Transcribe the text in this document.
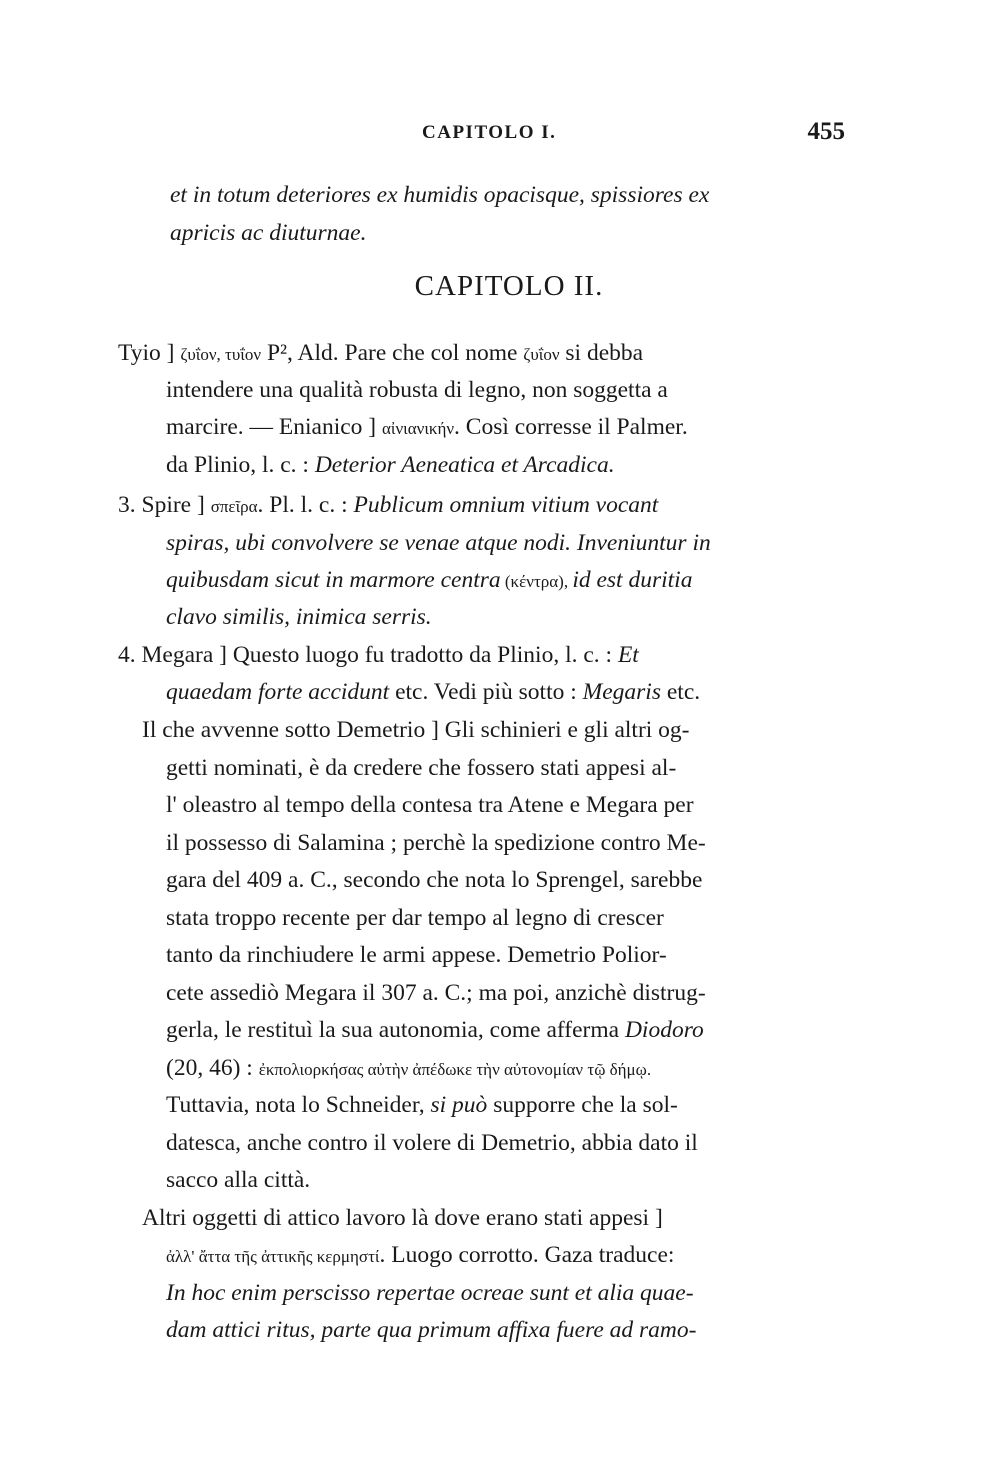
CAPITOLO I.	455
et in totum deteriores ex humidis opacisque, spissiores ex
apricis ac diuturnae.
CAPITOLO II.
Tyio ] ζυΐον, τυΐον P², Ald. Pare che col nome ζυΐον si debba
intendere una qualità robusta di legno, non soggetta a
marcire. — Enianico ] αἰνιανικήν. Così corresse il Palmer.
da Plinio, l. c. : Deterior Aeneatica et Arcadica.
3. Spire ] σπεῖρα. Pl. l. c. : Publicum omnium vitium vocant
spiras, ubi convolvere se venae atque nodi. Inveniuntur in
quibusdam sicut in marmore centra (κέντρα), id est duritia
clavo similis, inimica serris.
4. Megara ] Questo luogo fu tradotto da Plinio, l. c. : Et
quaedam forte accidunt etc. Vedi più sotto : Megaris etc.
Il che avvenne sotto Demetrio ] Gli schinieri e gli altri og-
getti nominati, è da credere che fossero stati appesi al-
l' oleastro al tempo della contesa tra Atene e Megara per
il possesso di Salamina ; perchè la spedizione contro Me-
gara del 409 a. C., secondo che nota lo Sprengel, sarebbe
stata troppo recente per dar tempo al legno di crescer
tanto da rinchiudere le armi appese. Demetrio Polior-
cete assediò Megara il 307 a. C.; ma poi, anzichè distrug-
gerla, le restituì la sua autonomia, come afferma Diodoro
(20, 46) : ἐκπολιορκήσας αὐτὴν ἀπέδωκε τὴν αὐτονομίαν τῷ δήμῳ.
Tuttavia, nota lo Schneider, si può supporre che la sol-
datesca, anche contro il volere di Demetrio, abbia dato il
sacco alla città.
Altri oggetti di attico lavoro là dove erano stati appesi ]
ἀλλ' ἄττα τῆς ἀττικῆς κερμηστί. Luogo corrotto. Gaza traduce:
In hoc enim perscisso repertae ocreae sunt et alia quae-
dam attici ritus, parte qua primum affixa fuere ad ramo-
